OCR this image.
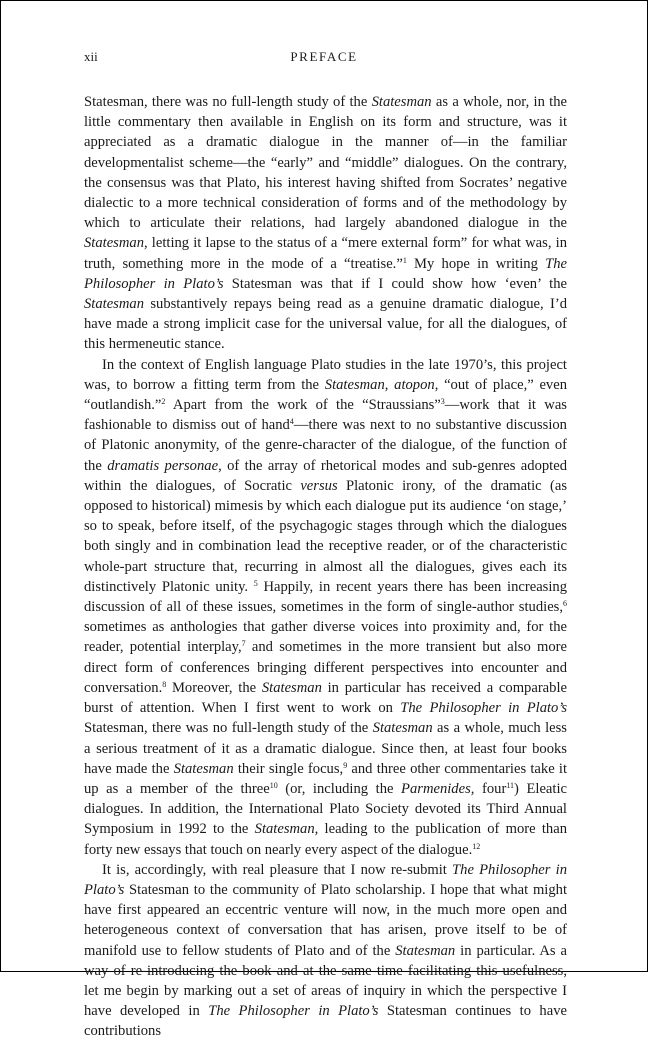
xii	PREFACE

Statesman, there was no full-length study of the Statesman as a whole, nor, in the little commentary then available in English on its form and structure, was it appreciated as a dramatic dialogue in the manner of—in the familiar developmentalist scheme—the “early” and “middle” dialogues. On the contrary, the consensus was that Plato, his interest having shifted from Socrates’ negative dialectic to a more technical consideration of forms and of the methodology by which to articulate their relations, had largely abandoned dialogue in the Statesman, letting it lapse to the status of a “mere external form” for what was, in truth, something more in the mode of a “treatise.”$^1$ My hope in writing The Philosopher in Plato’s Statesman was that if I could show how ‘even’ the Statesman substantively repays being read as a genuine dramatic dialogue, I’d have made a strong implicit case for the universal value, for all the dialogues, of this hermeneutic stance.

In the context of English language Plato studies in the late 1970’s, this project was, to borrow a fitting term from the Statesman, atopon, “out of place,” even “outlandish.”$^2$ Apart from the work of the “Straussians”$^3$—work that it was fashionable to dismiss out of hand$^4$—there was next to no substantive discussion of Platonic anonymity, of the genre-character of the dialogue, of the function of the dramatis personae, of the array of rhetorical modes and sub-genres adopted within the dialogues, of Socratic versus Platonic irony, of the dramatic (as opposed to historical) mimesis by which each dialogue put its audience ‘on stage,’ so to speak, before itself, of the psychagogic stages through which the dialogues both singly and in combination lead the receptive reader, or of the characteristic whole-part structure that, recurring in almost all the dialogues, gives each its distinctively Platonic unity. $^5$ Happily, in recent years there has been increasing discussion of all of these issues, sometimes in the form of single-author studies,$^6$ sometimes as anthologies that gather diverse voices into proximity and, for the reader, potential interplay,$^7$ and sometimes in the more transient but also more direct form of conferences bringing different perspectives into encounter and conversation.$^8$ Moreover, the Statesman in particular has received a comparable burst of attention. When I first went to work on The Philosopher in Plato’s Statesman, there was no full-length study of the Statesman as a whole, much less a serious treatment of it as a dramatic dialogue. Since then, at least four books have made the Statesman their single focus,$^9$ and three other commentaries take it up as a member of the three$^{10}$ (or, including the Parmenides, four$^{11}$) Eleatic dialogues. In addition, the International Plato Society devoted its Third Annual Symposium in 1992 to the Statesman, leading to the publication of more than forty new essays that touch on nearly every aspect of the dialogue.$^{12}$

It is, accordingly, with real pleasure that I now re-submit The Philosopher in Plato’s Statesman to the community of Plato scholarship. I hope that what might have first appeared an eccentric venture will now, in the much more open and heterogeneous context of conversation that has arisen, prove itself to be of manifold use to fellow students of Plato and of the Statesman in particular. As a way of re-introducing the book and at the same time facilitating this usefulness, let me begin by marking out a set of areas of inquiry in which the perspective I have developed in The Philosopher in Plato’s Statesman continues to have contributions
